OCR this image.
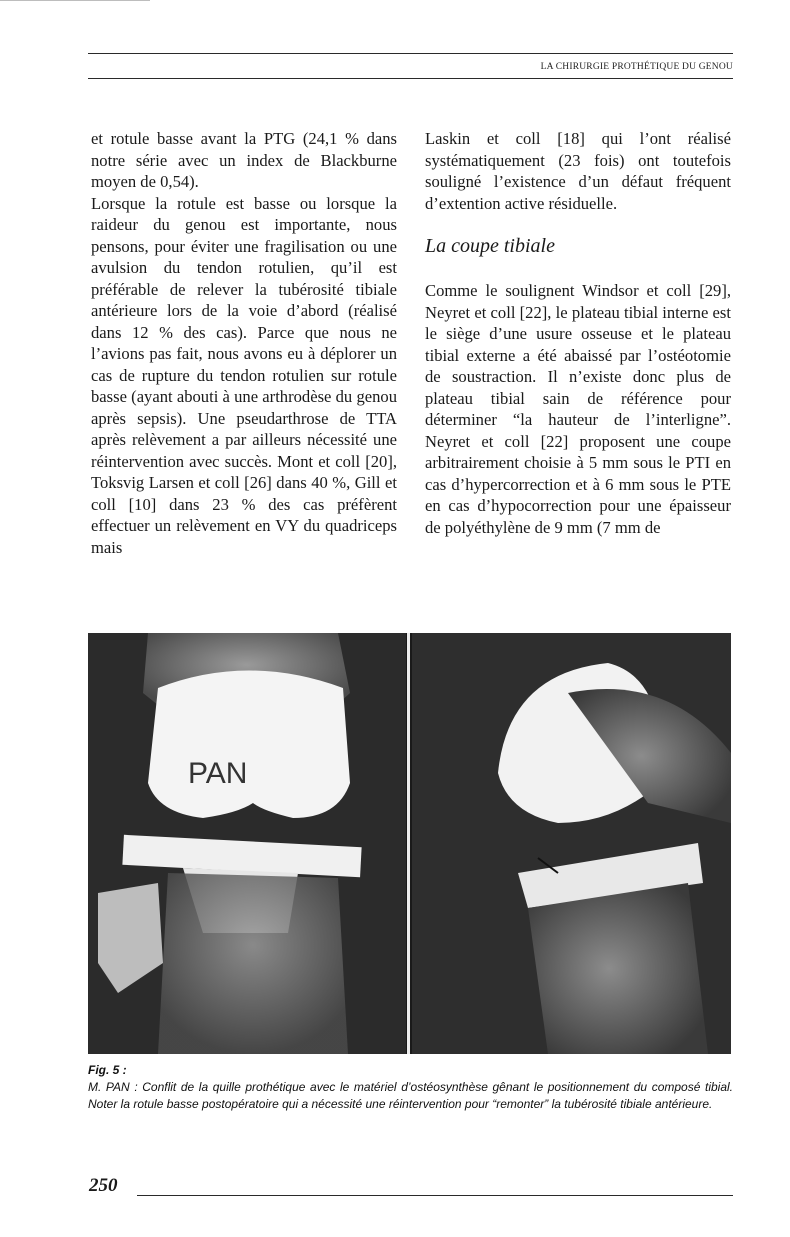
LA CHIRURGIE PROTHÉTIQUE DU GENOU

et rotule basse avant la PTG (24,1 % dans notre série avec un index de Blackburne moyen de 0,54).

Lorsque la rotule est basse ou lorsque la raideur du genou est importante, nous pensons, pour éviter une fragilisation ou une avulsion du tendon rotulien, qu’il est préférable de relever la tubérosité tibiale antérieure lors de la voie d’abord (réalisé dans 12 % des cas). Parce que nous ne l’avions pas fait, nous avons eu à déplorer un cas de rupture du tendon rotulien sur rotule basse (ayant abouti à une arthrodèse du genou après sepsis). Une pseudarthrose de TTA après relèvement a par ailleurs nécessité une réintervention avec succès. Mont et coll [20], Toksvig Larsen et coll [26] dans 40 %, Gill et coll [10] dans 23 % des cas préfèrent effectuer un relèvement en VY du quadriceps mais

Laskin et coll [18] qui l’ont réalisé systématiquement (23 fois) ont toutefois souligné l’existence d’un défaut fréquent d’extention active résiduelle.

La coupe tibiale

Comme le soulignent Windsor et coll [29], Neyret et coll [22], le plateau tibial interne est le siège d’une usure osseuse et le plateau tibial externe a été abaissé par l’ostéotomie de soustraction. Il n’existe donc plus de plateau tibial sain de référence pour déterminer “la hauteur de l’interligne”. Neyret et coll [22] proposent une coupe arbitrairement choisie à 5 mm sous le PTI en cas d’hypercorrection et à 6 mm sous le PTE en cas d’hypocorrection pour une épaisseur de polyéthylène de 9 mm (7 mm de

PAN
Fig. 5 :
M. PAN : Conflit de la quille prothétique avec le matériel d’ostéosynthèse gênant le positionnement du composé tibial. Noter la rotule basse postopératoire qui a nécessité une réintervention pour “remonter” la tubérosité tibiale antérieure.
250
